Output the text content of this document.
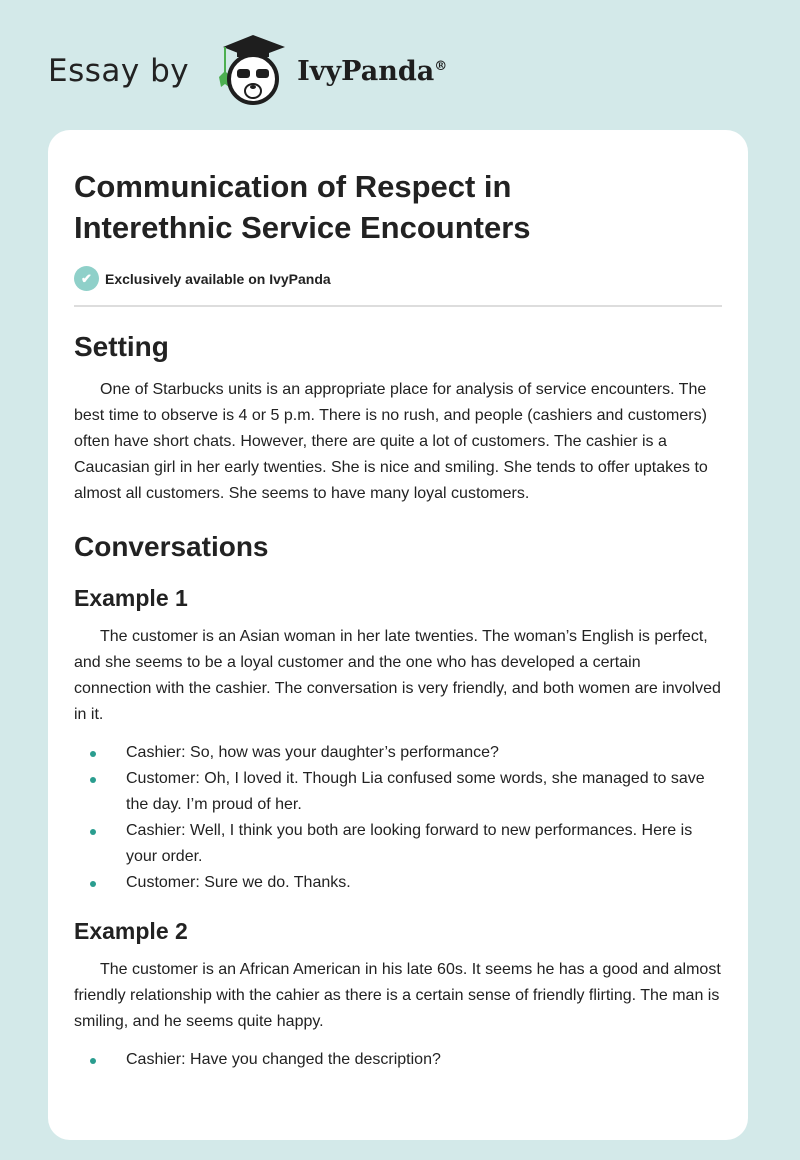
Essay by	IvyPanda®
Communication of Respect in Interethnic Service Encounters
✔ Exclusively available on IvyPanda
Setting

One of Starbucks units is an appropriate place for analysis of service encounters. The best time to observe is 4 or 5 p.m. There is no rush, and people (cashiers and customers) often have short chats. However, there are quite a lot of customers. The cashier is a Caucasian girl in her early twenties. She is nice and smiling. She tends to offer uptakes to almost all customers. She seems to have many loyal customers.

Conversations
Example 1

The customer is an Asian woman in her late twenties. The woman’s English is perfect, and she seems to be a loyal customer and the one who has developed a certain connection with the cashier. The conversation is very friendly, and both women are involved in it.

Cashier: So, how was your daughter’s performance?
Customer: Oh, I loved it. Though Lia confused some words, she managed to save the day. I’m proud of her.
Cashier: Well, I think you both are looking forward to new performances. Here is your order.
Customer: Sure we do. Thanks.
Example 2

The customer is an African American in his late 60s. It seems he has a good and almost friendly relationship with the cahier as there is a certain sense of friendly flirting. The man is smiling, and he seems quite happy.

Cashier: Have you changed the description?
